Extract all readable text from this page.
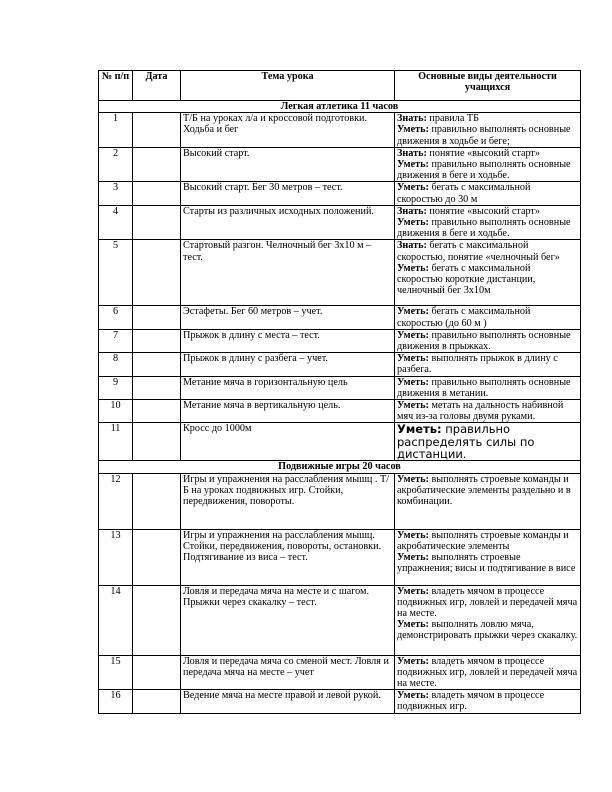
№ п/п	Дата	Тема урока	Основные виды деятельности учащихся
Легкая атлетика 11 часов			
1		Т/Б на уроках л/а и кроссовой подготовки. Ходьба и бег	Знать: правила ТБ
Уметь: правильно выполнять основные движения в ходьбе и беге;
2		Высокий старт.	Знать: понятие «высокий старт»
Уметь: правильно выполнять основные движения в беге и ходьбе.
3		Высокий старт. Бег 30 метров – тест.	Уметь: бегать с максимальной скоростью до 30 м
4		Старты из различных исходных положений.	Знать: понятие «высокий старт»
Уметь: правильно выполнять основные движения в беге и ходьбе.
5		Стартовый разгон. Челночный бег 3х10 м – тест.	Знать: бегать с максимальной скоростью, понятие «челночный бег»
Уметь: бегать с максимальной скоростью короткие дистанции, челночный бег 3х10м
6		Эстафеты. Бег 60 метров – учет.	Уметь: бегать с максимальной скоростью (до 60 м )
7		Прыжок в длину с места – тест.	Уметь: правильно выполнять основные движения в прыжках.
8		Прыжок в длину с разбега – учет.	Уметь: выполнять прыжок в длину с разбега.
9		Метание мяча в горизонтальную цель	Уметь: правильно выполнять основные движения в метании.
10		Метание мяча в вертикальную цель.	Уметь: метать на дальность набивной мяч из-за головы двумя руками.
11		Кросс до 1000м	Уметь: правильно распределять силы по дистанции.
Подвижные игры 20 часов			
12		Игры и упражнения на расслабления мышц . Т/Б на уроках подвижных игр. Стойки, передвижения, повороты.	Уметь: выполнять строевые команды и акробатические элементы раздельно и в комбинации.
13		Игры и упражнения на расслабления мышц. Стойки, передвижения, повороты, остановки. Подтягивание из виса – тест.	Уметь: выполнять строевые команды и акробатические элементы
Уметь: выполнять строевые упражнения; висы и подтягивание в висе
14		Ловля и передача мяча на месте и с шагом. Прыжки через скакалку – тест.	Уметь: владеть мячом в процессе подвижных игр, ловлей и передачей мяча на месте.
Уметь: выполнять ловлю мяча, демонстрировать прыжки через скакалку.
15		Ловля и передача мяча со сменой мест. Ловля и передача мяча на месте – учет	Уметь: владеть мячом в процессе подвижных игр, ловлей и передачей мяча на месте.
16		Ведение мяча на месте правой и левой рукой.	Уметь: владеть мячом в процессе подвижных игр.
